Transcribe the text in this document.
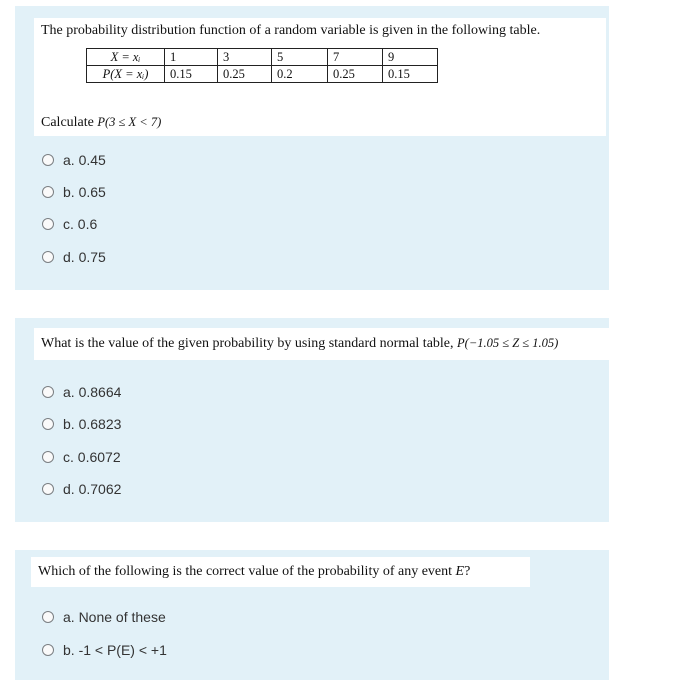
The probability distribution function of a random variable is given in the following table.
X = xᵢ	1	3	5	7	9
P(X = xᵢ)	0.15	0.25	0.2	0.25	0.15
Calculate P(3 ≤ X < 7)
a. 0.45
b. 0.65
c. 0.6
d. 0.75
What is the value of the given probability by using standard normal table, P(−1.05 ≤ Z ≤ 1.05)
a. 0.8664
b. 0.6823
c. 0.6072
d. 0.7062
Which of the following is the correct value of the probability of any event E?
a. None of these
b. -1 < P(E) < +1
